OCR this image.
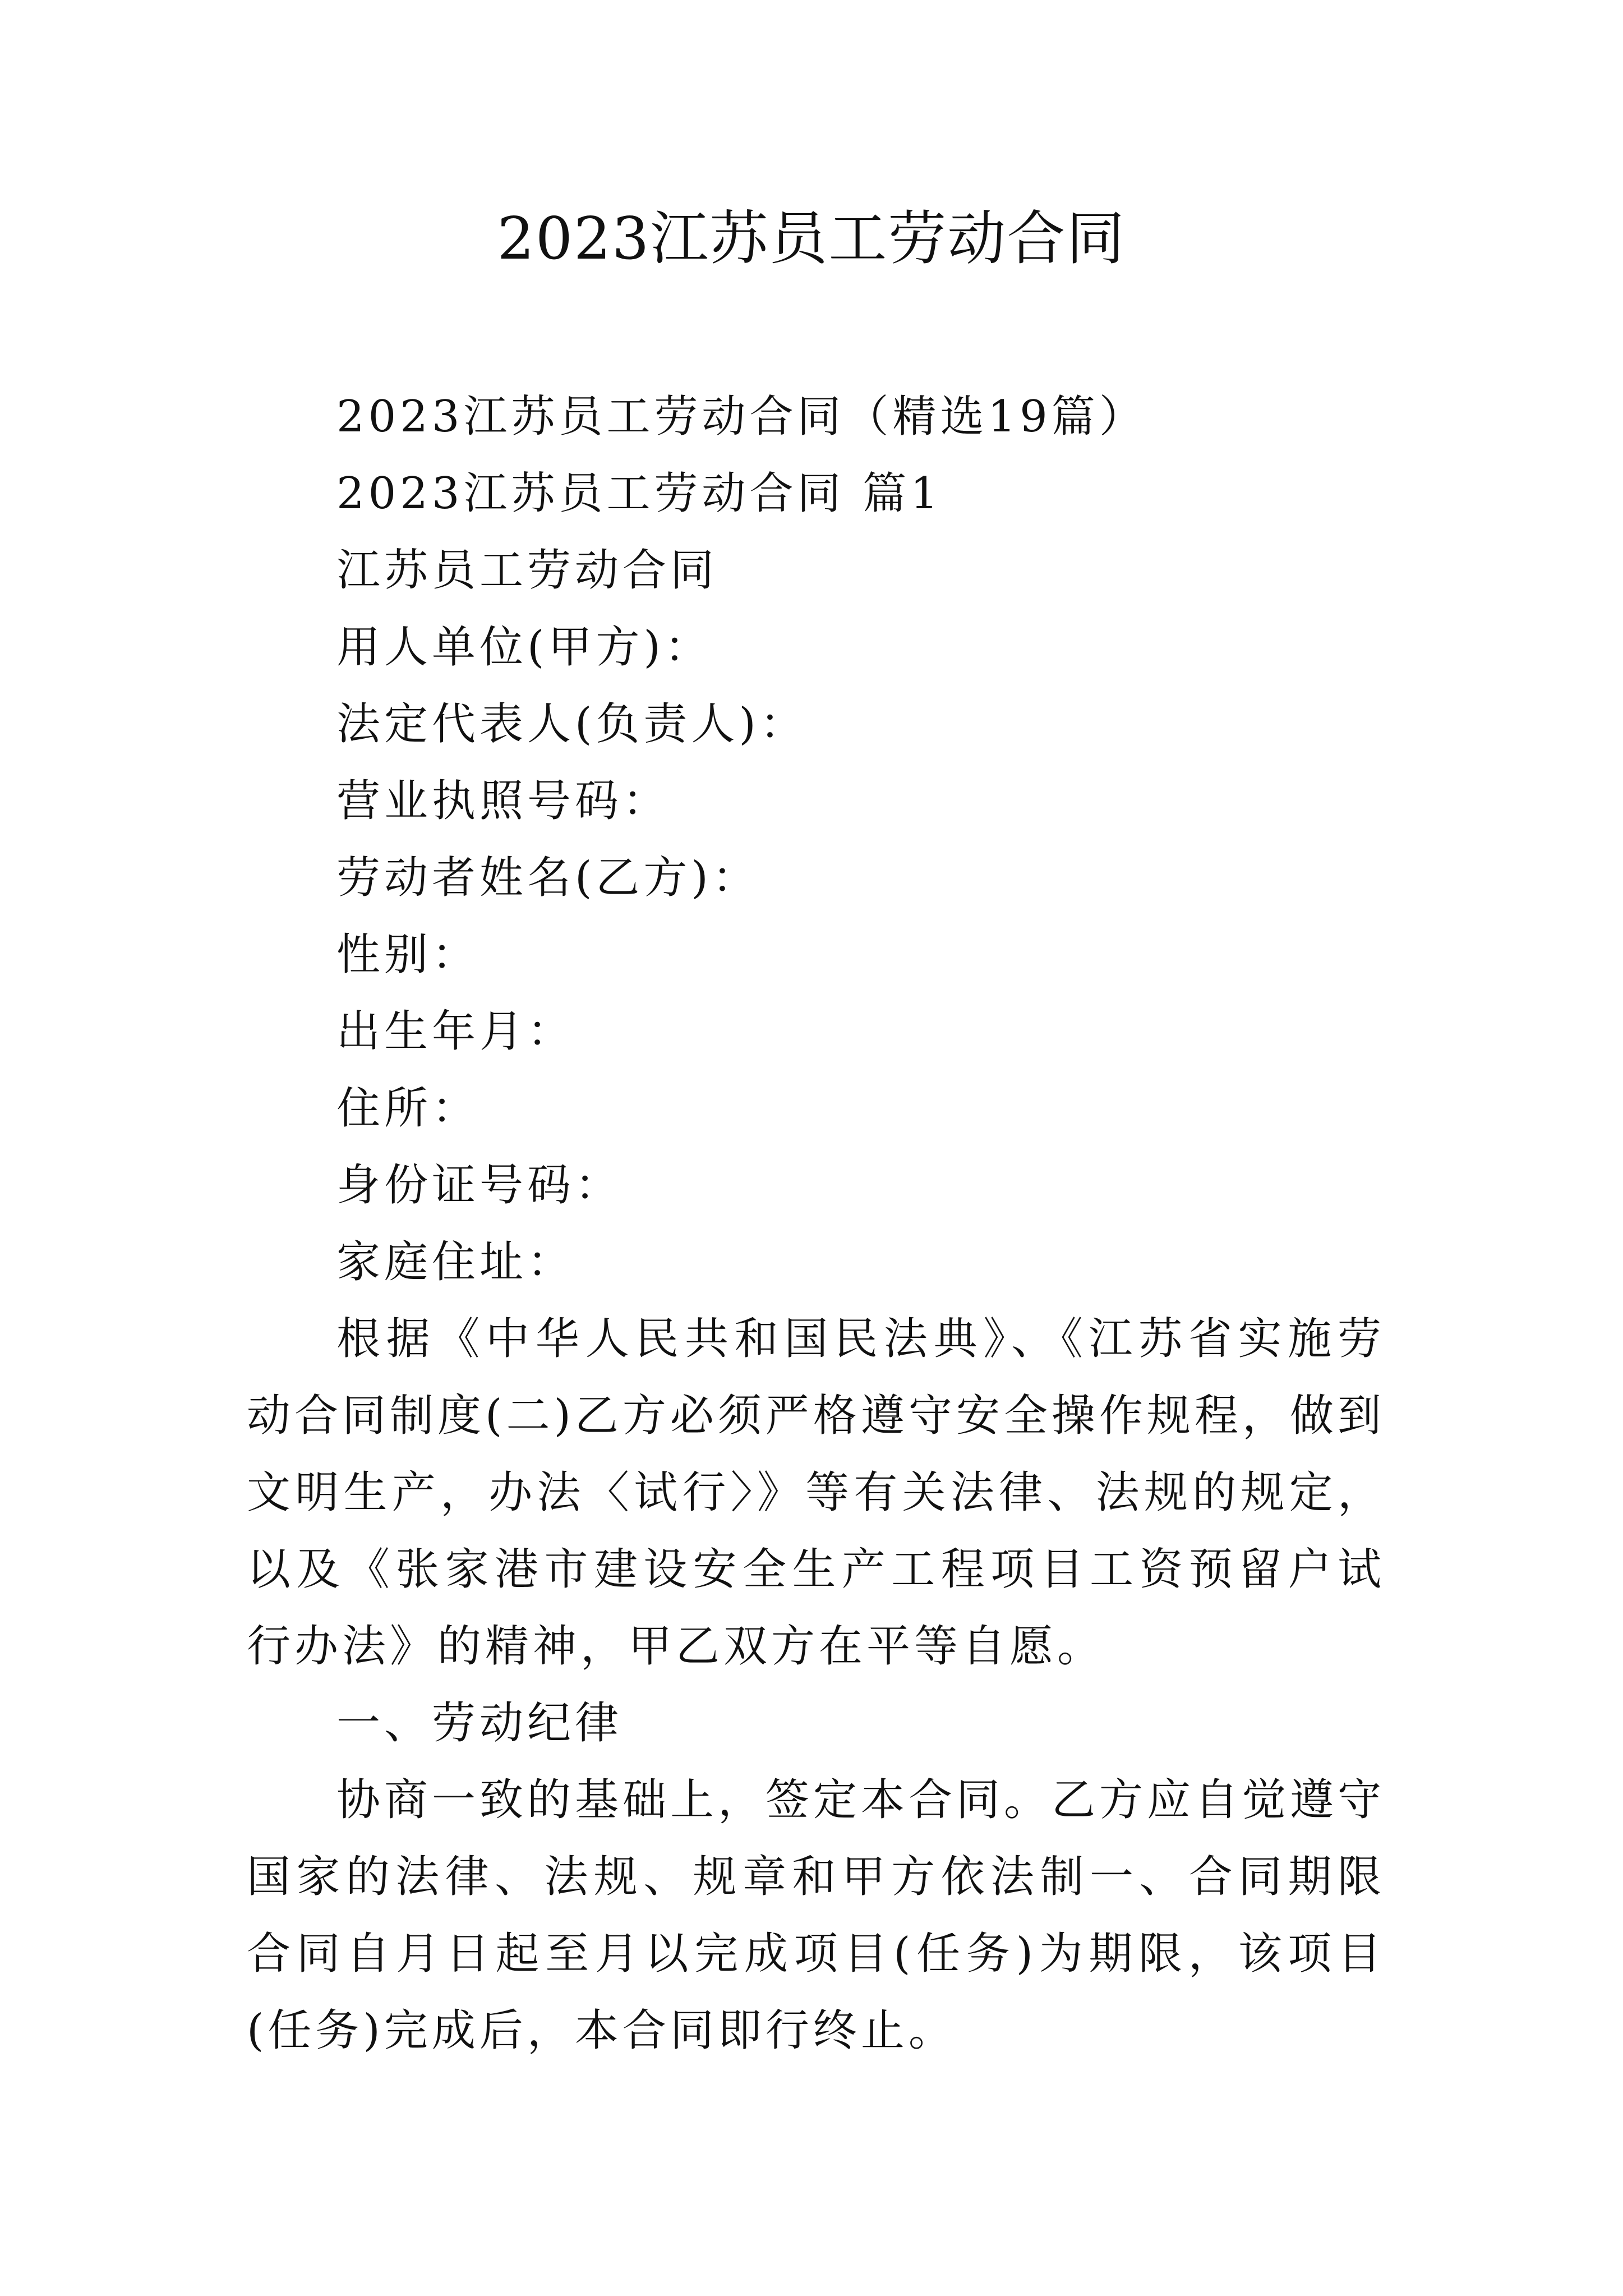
2023江苏员工劳动合同
2023江苏员工劳动合同（精选19篇）
2023江苏员工劳动合同 篇1
江苏员工劳动合同
用人单位(甲方)：
法定代表人(负责人)：
营业执照号码：
劳动者姓名(乙方)：
性别：
出生年月：
住所：
身份证号码：
家庭住址：

根据《中华人民共和国民法典》、《江苏省实施劳动合同制度(二)乙方必须严格遵守安全操作规程，做到文明生产，办法〈试行〉》等有关法律、法规的规定，以及《张家港市建设安全生产工程项目工资预留户试行办法》的精神，甲乙双方在平等自愿。

一、劳动纪律

协商一致的基础上，签定本合同。乙方应自觉遵守国家的法律、法规、规章和甲方依法制一、合同期限合同自月日起至月以完成项目(任务)为期限，该项目(任务)完成后，本合同即行终止。
